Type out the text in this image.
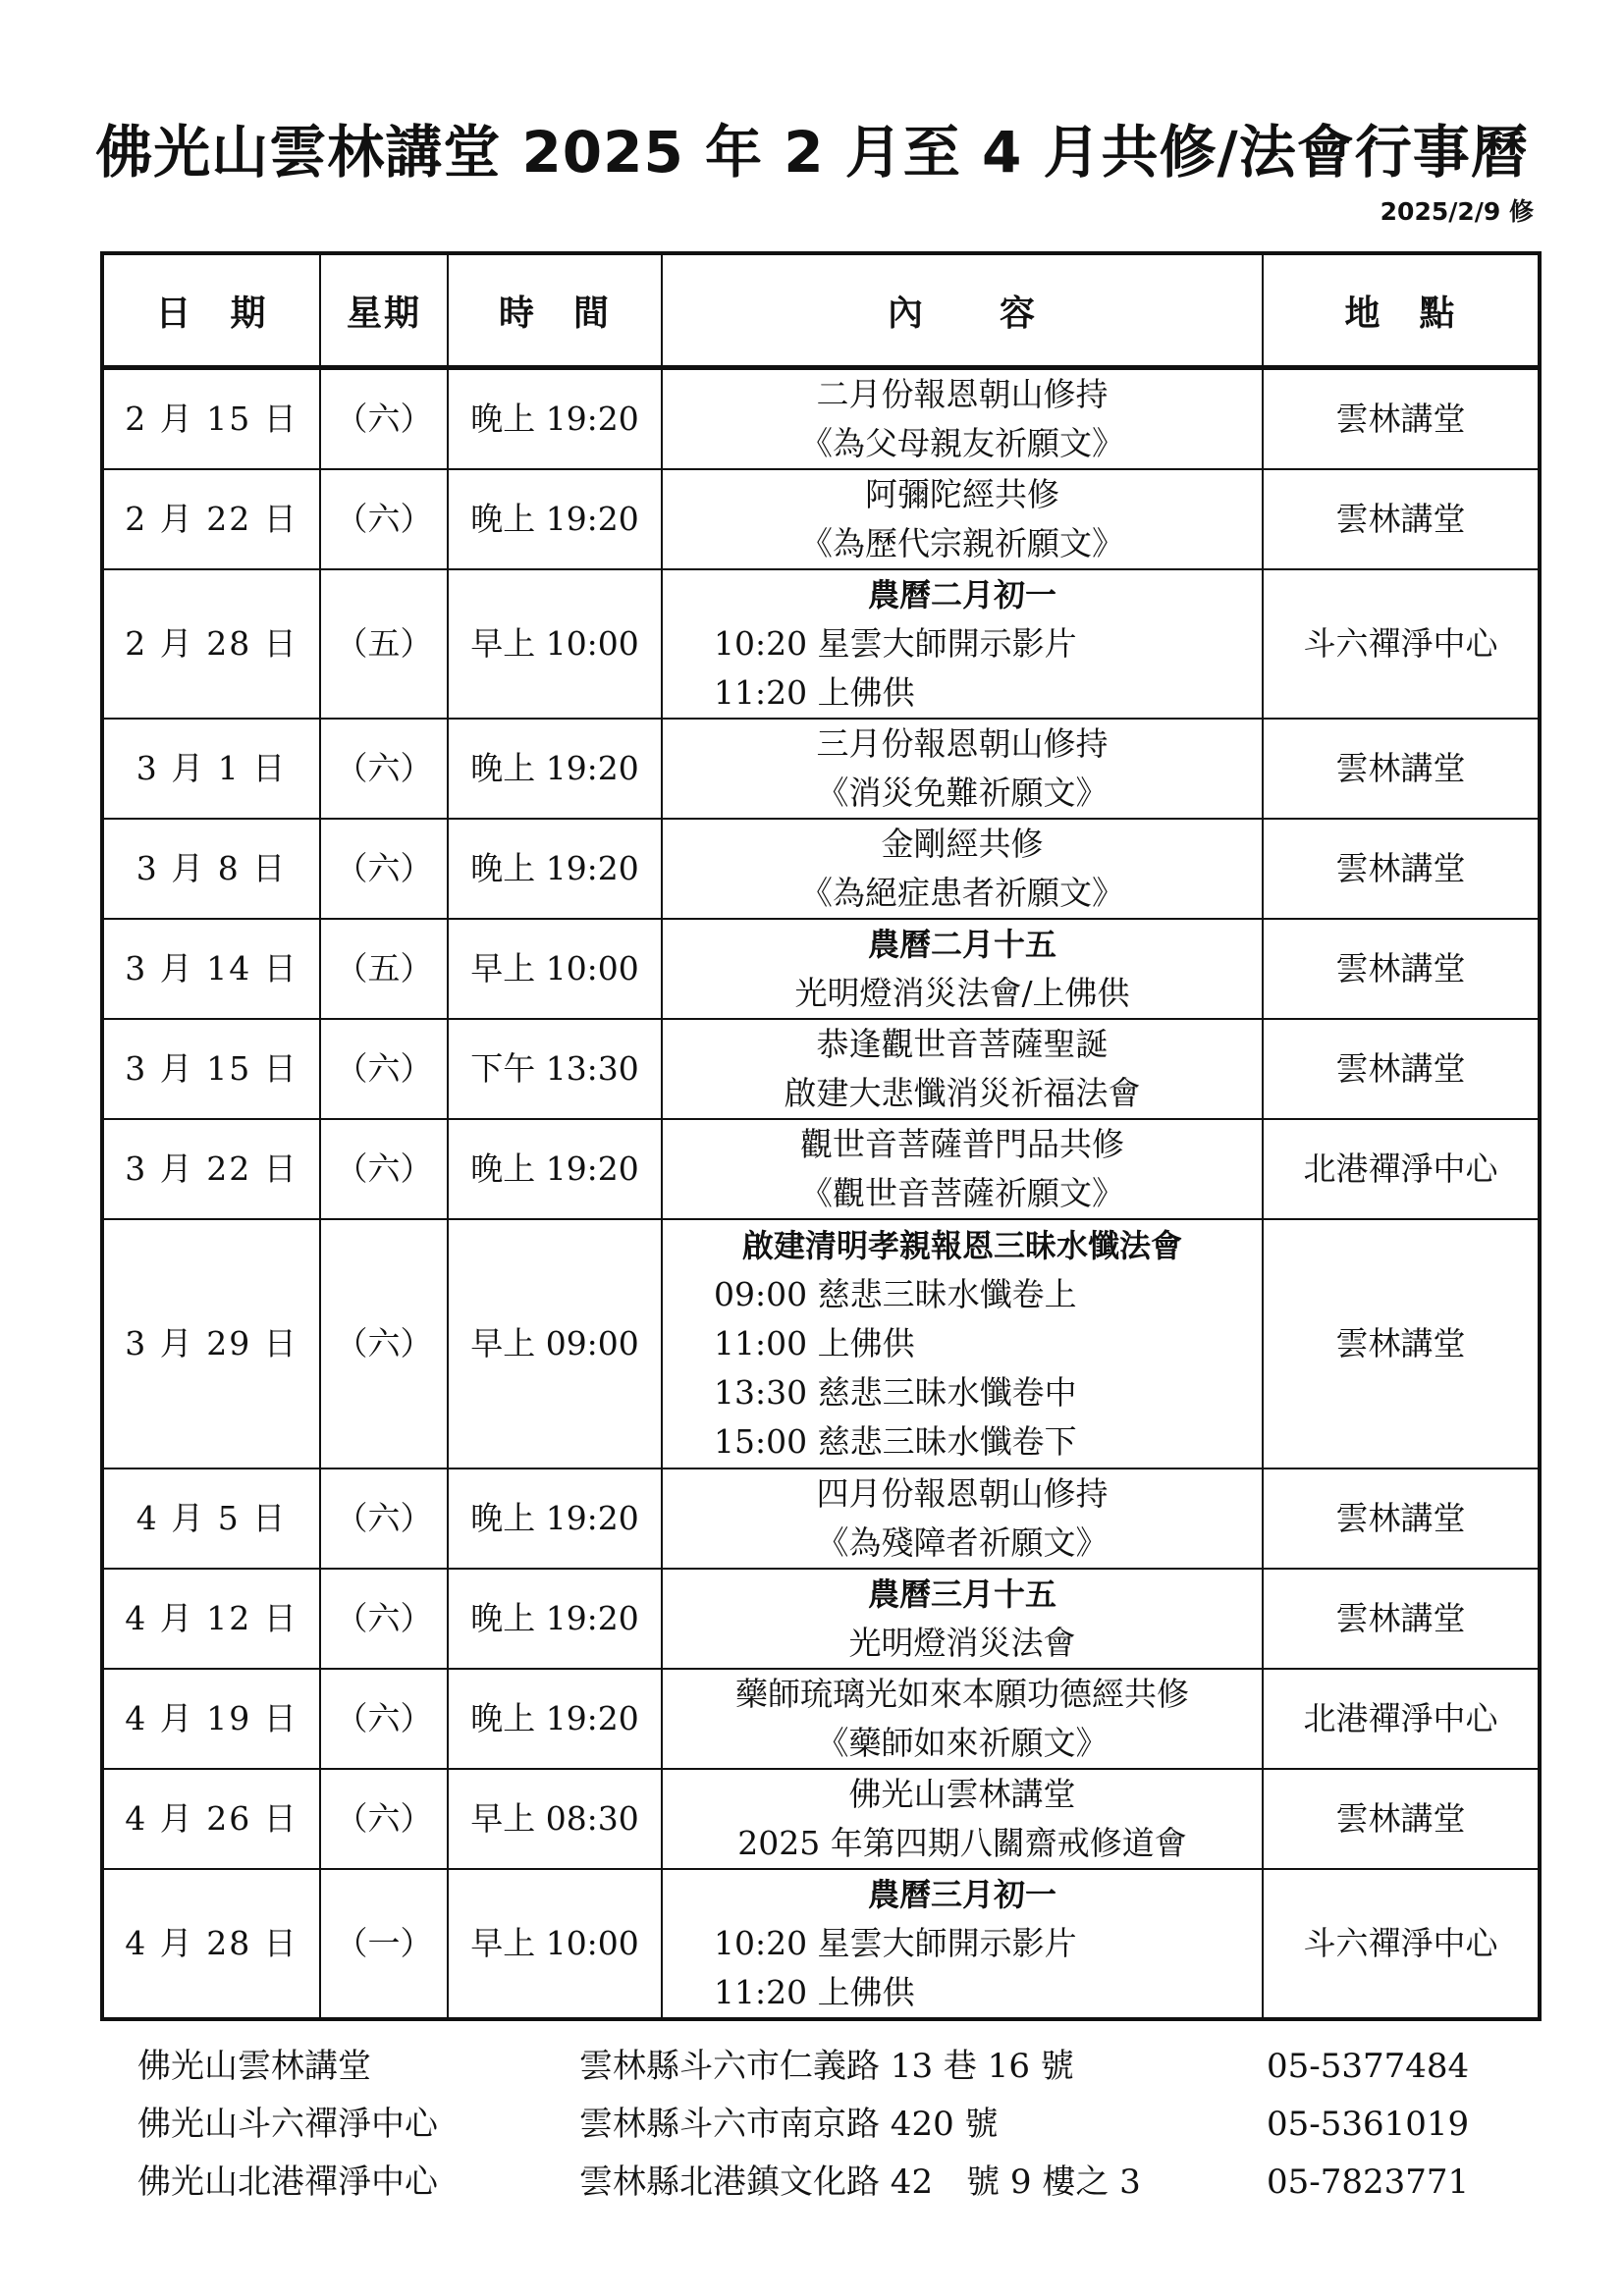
佛光山雲林講堂 2025 年 2 月至 4 月共修/法會行事曆
2025/2/9 修
日　期	星期	時　間	內　　容	地　點
2 月 15 日	（六）	晚上 19:20	二月份報恩朝山修持
《為父母親友祈願文》	雲林講堂
2 月 22 日	（六）	晚上 19:20	阿彌陀經共修
《為歷代宗親祈願文》	雲林講堂
2 月 28 日	（五）	早上 10:00	農曆二月初一
10:20 星雲大師開示影片
11:20 上佛供	斗六禪淨中心
3 月 1 日	（六）	晚上 19:20	三月份報恩朝山修持
《消災免難祈願文》	雲林講堂
3 月 8 日	（六）	晚上 19:20	金剛經共修
《為絕症患者祈願文》	雲林講堂
3 月 14 日	（五）	早上 10:00	農曆二月十五
光明燈消災法會/上佛供	雲林講堂
3 月 15 日	（六）	下午 13:30	恭逢觀世音菩薩聖誕
啟建大悲懺消災祈福法會	雲林講堂
3 月 22 日	（六）	晚上 19:20	觀世音菩薩普門品共修
《觀世音菩薩祈願文》	北港禪淨中心
3 月 29 日	（六）	早上 09:00	啟建清明孝親報恩三昧水懺法會
09:00 慈悲三昧水懺卷上
11:00 上佛供
13:30 慈悲三昧水懺卷中
15:00 慈悲三昧水懺卷下	雲林講堂
4 月 5 日	（六）	晚上 19:20	四月份報恩朝山修持
《為殘障者祈願文》	雲林講堂
4 月 12 日	（六）	晚上 19:20	農曆三月十五
光明燈消災法會	雲林講堂
4 月 19 日	（六）	晚上 19:20	藥師琉璃光如來本願功德經共修
《藥師如來祈願文》	北港禪淨中心
4 月 26 日	（六）	早上 08:30	佛光山雲林講堂
2025 年第四期八關齋戒修道會	雲林講堂
4 月 28 日	（一）	早上 10:00	農曆三月初一
10:20 星雲大師開示影片
11:20 上佛供	斗六禪淨中心
佛光山雲林講堂	雲林縣斗六市仁義路 13 巷 16 號	05-5377484
佛光山斗六禪淨中心	雲林縣斗六市南京路 420 號	05-5361019
佛光山北港禪淨中心	雲林縣北港鎮文化路 42　號 9 樓之 3	05-7823771
